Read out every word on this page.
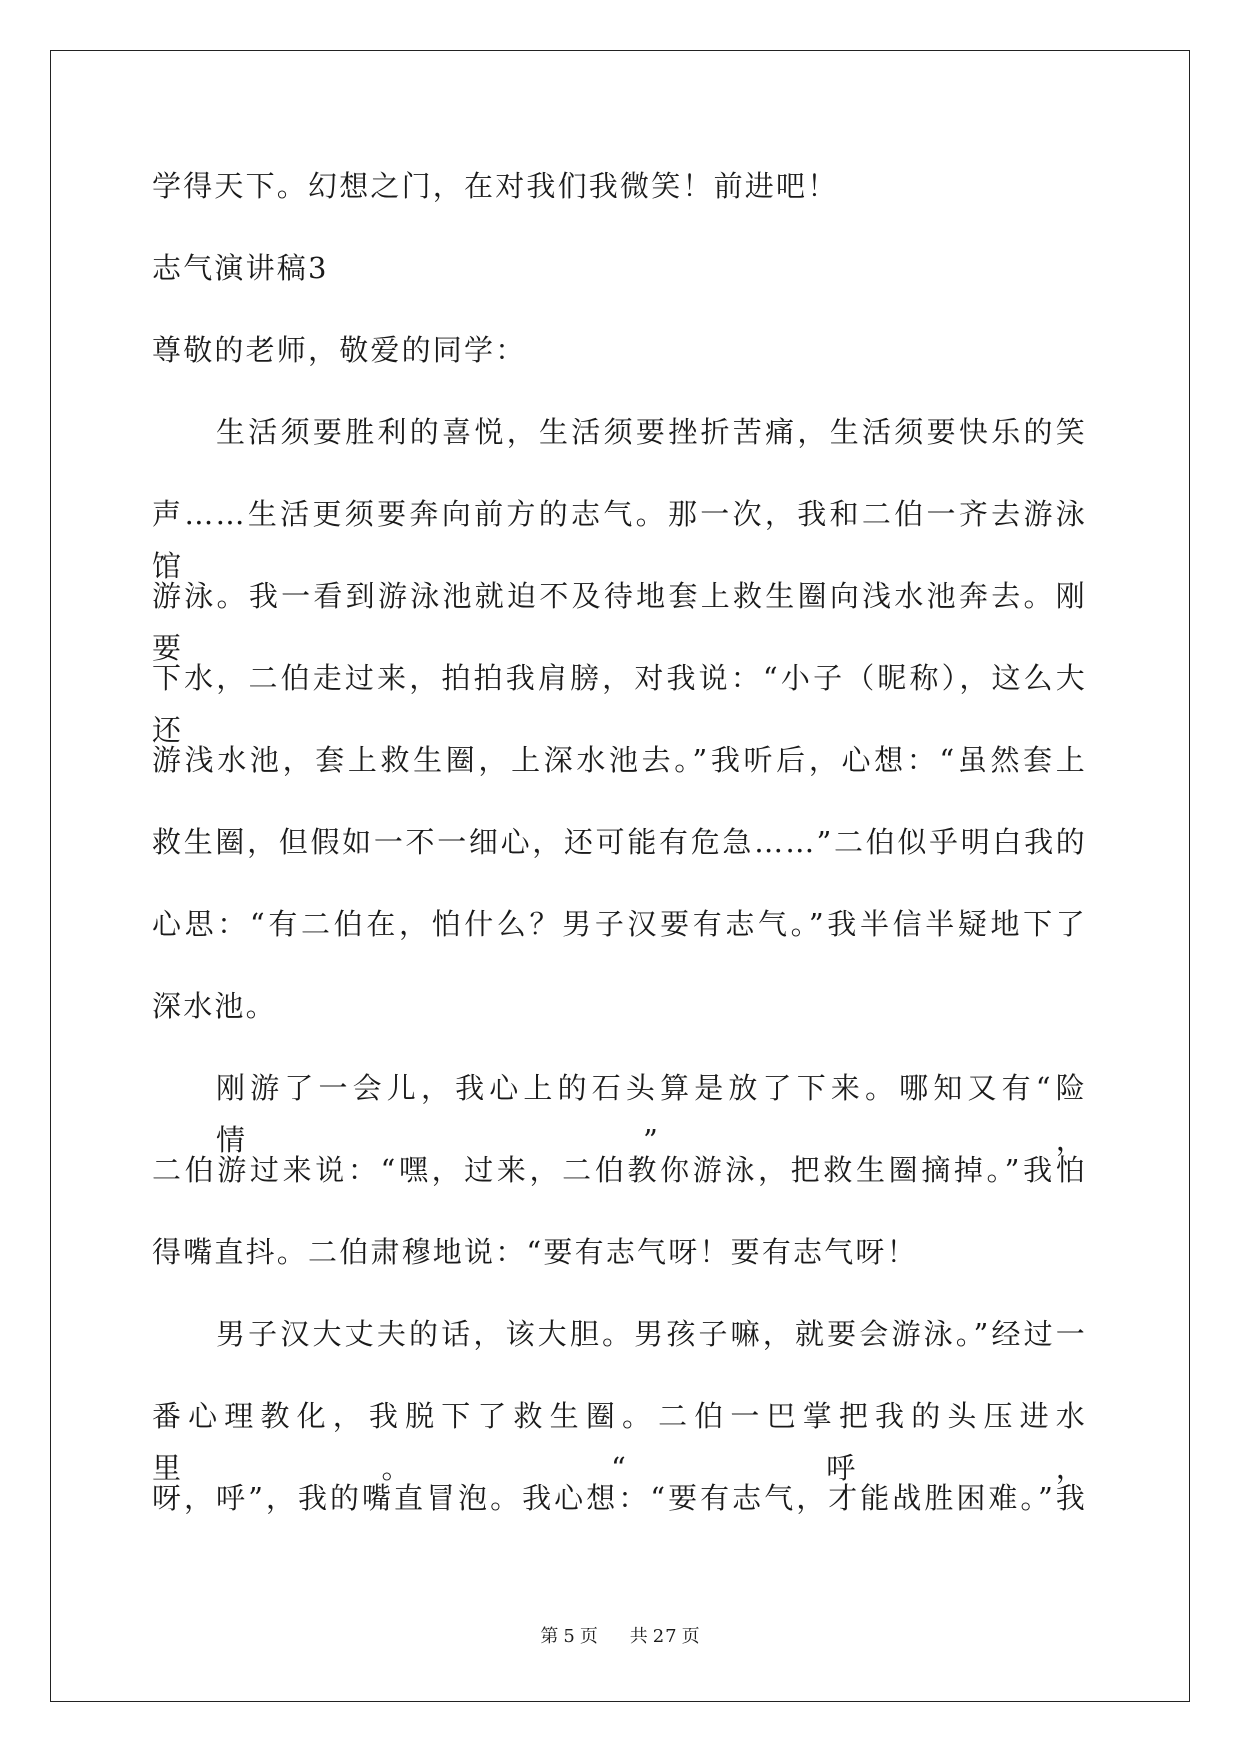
学得天下。幻想之门，在对我们我微笑！前进吧！
志气演讲稿3
尊敬的老师，敬爱的同学：
生活须要胜利的喜悦，生活须要挫折苦痛，生活须要快乐的笑
声……生活更须要奔向前方的志气。那一次，我和二伯一齐去游泳馆
游泳。我一看到游泳池就迫不及待地套上救生圈向浅水池奔去。刚要
下水，二伯走过来，拍拍我肩膀，对我说：“小子（昵称），这么大还
游浅水池，套上救生圈，上深水池去。”我听后，心想：“虽然套上
救生圈，但假如一不一细心，还可能有危急……”二伯似乎明白我的
心思：“有二伯在，怕什么？男子汉要有志气。”我半信半疑地下了
深水池。
刚游了一会儿，我心上的石头算是放了下来。哪知又有“险情”，
二伯游过来说：“嘿，过来，二伯教你游泳，把救生圈摘掉。”我怕
得嘴直抖。二伯肃穆地说：“要有志气呀！要有志气呀！
男子汉大丈夫的话，该大胆。男孩子嘛，就要会游泳。”经过一
番心理教化，我脱下了救生圈。二伯一巴掌把我的头压进水里。“呼，
呀，呼”，我的嘴直冒泡。我心想：“要有志气，才能战胜困难。”我
第 5 页 共 27 页
